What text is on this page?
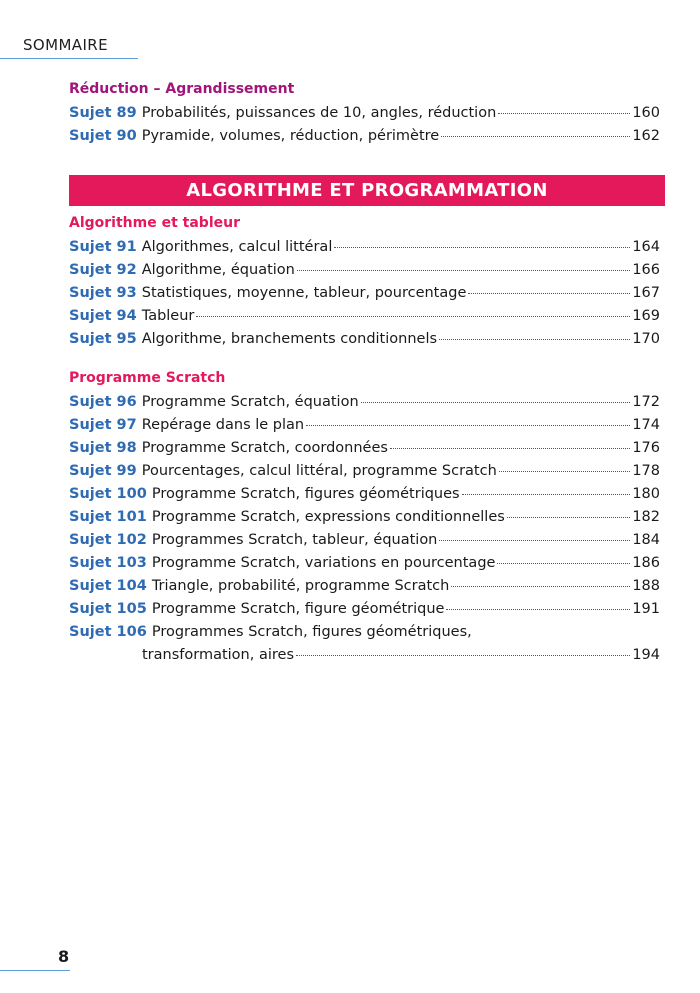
SOMMAIRE
Réduction – Agrandissement
Sujet 89 Probabilités, puissances de 10, angles, réduction	160
Sujet 90 Pyramide, volumes, réduction, périmètre	162
ALGORITHME ET PROGRAMMATION
Algorithme et tableur
Sujet 91 Algorithmes, calcul littéral	164
Sujet 92 Algorithme, équation	166
Sujet 93 Statistiques, moyenne, tableur, pourcentage	167
Sujet 94 Tableur	169
Sujet 95 Algorithme, branchements conditionnels	170
Programme Scratch
Sujet 96 Programme Scratch, équation	172
Sujet 97 Repérage dans le plan	174
Sujet 98 Programme Scratch, coordonnées	176
Sujet 99 Pourcentages, calcul littéral, programme Scratch	178
Sujet 100 Programme Scratch, figures géométriques	180
Sujet 101 Programme Scratch, expressions conditionnelles	182
Sujet 102 Programmes Scratch, tableur, équation	184
Sujet 103 Programme Scratch, variations en pourcentage	186
Sujet 104 Triangle, probabilité, programme Scratch	188
Sujet 105 Programme Scratch, figure géométrique	191
Sujet 106 Programmes Scratch, figures géométriques,
transformation, aires	194
8
